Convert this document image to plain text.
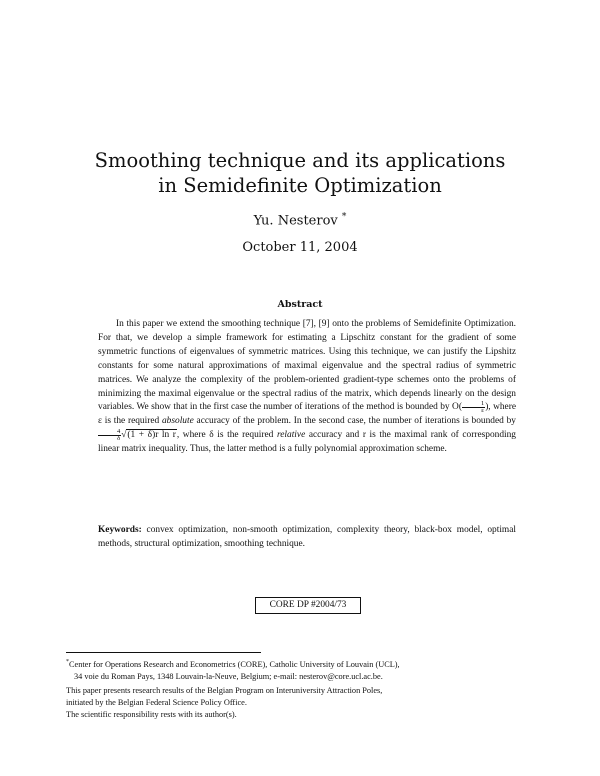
Smoothing technique and its applications
in Semidefinite Optimization
Yu. Nesterov *
October 11, 2004
Abstract

In this paper we extend the smoothing technique [7], [9] onto the problems of Semidefinite Optimization. For that, we develop a simple framework for estimating a Lipschitz constant for the gradient of some symmetric functions of eigenvalues of symmetric matrices. Using this technique, we can justify the Lipshitz constants for some natural approximations of maximal eigenvalue and the spectral radius of symmetric matrices. We analyze the complexity of the problem-oriented gradient-type schemes onto the problems of minimizing the maximal eigenvalue or the spectral radius of the matrix, which depends linearly on the design variables. We show that in the first case the number of iterations of the method is bounded by $O( \frac{1}{\varepsilon}$ ), where ε is the required absolute accuracy of the problem. In the second case, the number of iterations is bounded by
$\frac{4}{\delta} √(1 + \delta)r$ ln r, where δ is the required relative accuracy and r is the maximal rank of corresponding linear matrix inequality. Thus, the latter method is a fully polynomial approximation scheme.

Keywords: convex optimization, non-smooth optimization, complexity theory, black-box model, optimal methods, structural optimization, smoothing technique.
CORE DP #2004/73
*Center for Operations Research and Econometrics (CORE), Catholic University of Louvain (UCL),
34 voie du Roman Pays, 1348 Louvain-la-Neuve, Belgium; e-mail: nesterov@core.ucl.ac.be.
This paper presents research results of the Belgian Program on Interuniversity Attraction Poles,
initiated by the Belgian Federal Science Policy Office.
The scientific responsibility rests with its author(s).
